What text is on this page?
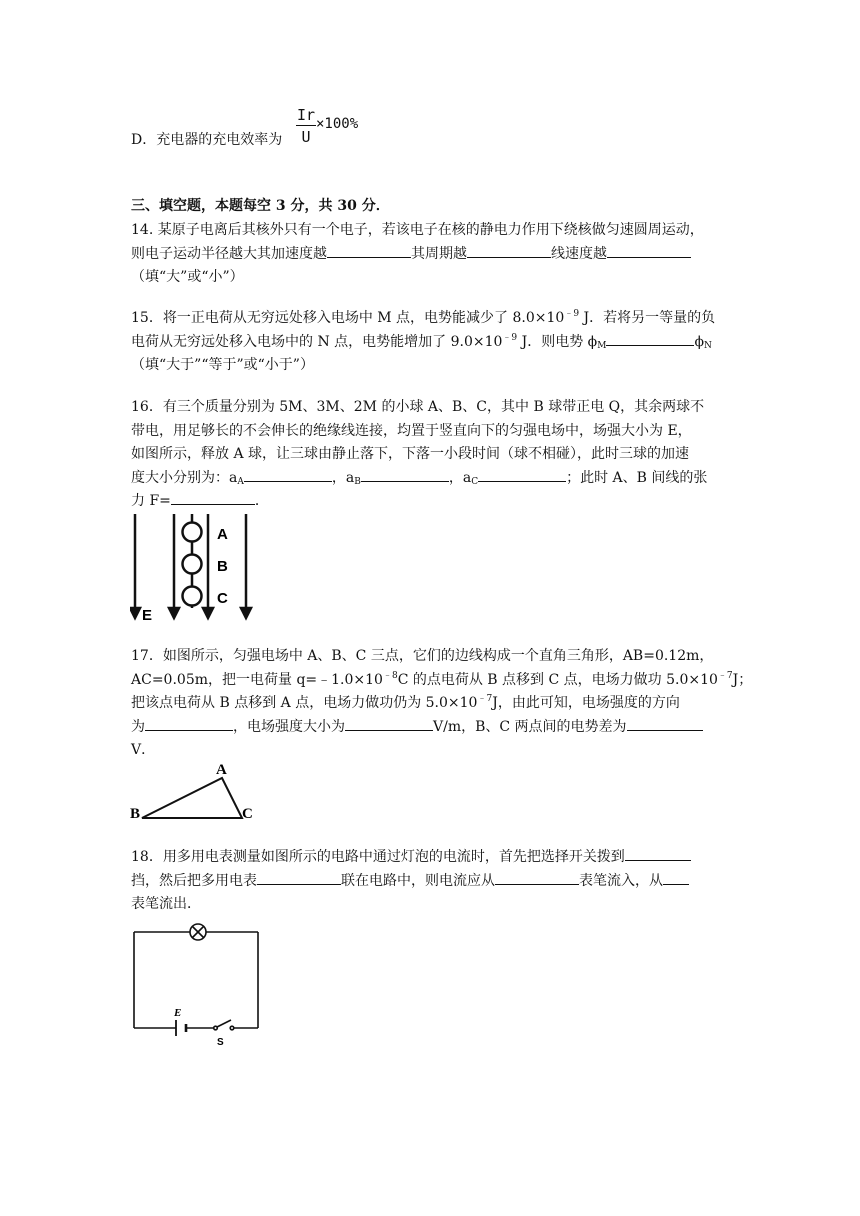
D．充电器的充电效率为
Ir
U
×100%
三、填空题，本题每空 3 分，共 30 分．
14. 某原子电离后其核外只有一个电子，若该电子在核的静电力作用下绕核做匀速圆周运动，
则电子运动半径越大其加速度越	其周期越	线速度越
（填“大”或“小”）
15．将一正电荷从无穷远处移入电场中 M 点，电势能减少了 $8.0\times 10^{﹣9}$ J．若将另一等量的负
电荷从无穷远处移入电场中的 N 点，电势能增加了 $9.0\times 10^{﹣9}$ J．则电势 $\phi_M$	$\phi_N$
（填“大于”“等于”或“小于”）
16．有三个质量分别为 5M、3M、2M 的小球 A、B、C，其中 B 球带正电 Q，其余两球不
带电，用足够长的不会伸长的绝缘线连接，均置于竖直向下的匀强电场中，场强大小为 E，
如图所示，释放 A 球，让三球由静止落下，下落一小段时间（球不相碰），此时三球的加速
度大小分别为：$a_A$	，$a_B$	，$a_C$	；此时 A、B 间线的张
力 F=	．
A
B
C
E
17．如图所示，匀强电场中 A、B、C 三点，它们的边线构成一个直角三角形，AB=0.12m，
AC=0.05m，把一电荷量 $q=﹣1.0\times 10^{﹣8}C$ 的点电荷从 B 点移到 C 点，电场力做功 $5.0\times 10^{﹣7}J$；
把该点电荷从 B 点移到 A 点，电场力做功仍为 $5.0\times 10^{﹣7}J$，由此可知，电场强度的方向
为	，电场强度大小为	V/m，B、C 两点间的电势差为
V．
A
B	C
18．用多用电表测量如图所示的电路中通过灯泡的电流时，首先把选择开关拨到
挡，然后把多用电表	联在电路中，则电流应从	表笔流入，从
表笔流出．
E
S
